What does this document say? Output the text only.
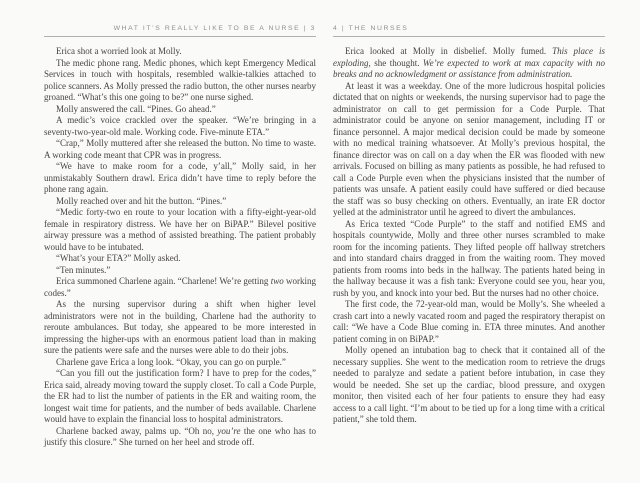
WHAT IT’S REALLY LIKE TO BE A NURSE | 3

Erica shot a worried look at Molly.

The medic phone rang. Medic phones, which kept Emergency Medical Services in touch with hospitals, resembled walkie-talkies attached to police scanners. As Molly pressed the radio button, the other nurses nearby groaned. “What’s this one going to be?” one nurse sighed.

Molly answered the call. “Pines. Go ahead.”

A medic’s voice crackled over the speaker. “We’re bringing in a seventy-two-year-old male. Working code. Five-minute ETA.”

“Crap,” Molly muttered after she released the button. No time to waste. A working code meant that CPR was in progress.

“We have to make room for a code, y’all,” Molly said, in her unmistakably Southern drawl. Erica didn’t have time to reply before the phone rang again.

Molly reached over and hit the button. “Pines.”

“Medic forty-two en route to your location with a fifty-eight-year-old female in respiratory distress. We have her on BiPAP.” Bilevel positive airway pressure was a method of assisted breathing. The patient probably would have to be intubated.

“What’s your ETA?” Molly asked.

“Ten minutes.”

Erica summoned Charlene again. “Charlene! We’re getting two working codes.”

As the nursing supervisor during a shift when higher level administrators were not in the building, Charlene had the authority to reroute ambulances. But today, she appeared to be more interested in impressing the higher-ups with an enormous patient load than in making sure the patients were safe and the nurses were able to do their jobs.

Charlene gave Erica a long look. “Okay, you can go on purple.”

“Can you fill out the justification form? I have to prep for the codes,” Erica said, already moving toward the supply closet. To call a Code Purple, the ER had to list the number of patients in the ER and waiting room, the longest wait time for patients, and the number of beds available. Charlene would have to explain the financial loss to hospital administrators.

Charlene backed away, palms up. “Oh no, you’re the one who has to justify this closure.” She turned on her heel and strode off.

4 | THE NURSES

Erica looked at Molly in disbelief. Molly fumed. This place is exploding, she thought. We’re expected to work at max capacity with no breaks and no acknowledgment or assistance from administration.

At least it was a weekday. One of the more ludicrous hospital policies dictated that on nights or weekends, the nursing supervisor had to page the administrator on call to get permission for a Code Purple. That administrator could be anyone on senior management, including IT or finance personnel. A major medical decision could be made by someone with no medical training whatsoever. At Molly’s previous hospital, the finance director was on call on a day when the ER was flooded with new arrivals. Focused on billing as many patients as possible, he had refused to call a Code Purple even when the physicians insisted that the number of patients was unsafe. A patient easily could have suffered or died because the staff was so busy checking on others. Eventually, an irate ER doctor yelled at the administrator until he agreed to divert the ambulances.

As Erica texted “Code Purple” to the staff and notified EMS and hospitals countywide, Molly and three other nurses scrambled to make room for the incoming patients. They lifted people off hallway stretchers and into standard chairs dragged in from the waiting room. They moved patients from rooms into beds in the hallway. The patients hated being in the hallway because it was a fish tank: Everyone could see you, hear you, rush by you, and knock into your bed. But the nurses had no other choice.

The first code, the 72-year-old man, would be Molly’s. She wheeled a crash cart into a newly vacated room and paged the respiratory therapist on call: “We have a Code Blue coming in. ETA three minutes. And another patient coming in on BiPAP.”

Molly opened an intubation bag to check that it contained all of the necessary supplies. She went to the medication room to retrieve the drugs needed to paralyze and sedate a patient before intubation, in case they would be needed. She set up the cardiac, blood pressure, and oxygen monitor, then visited each of her four patients to ensure they had easy access to a call light. “I’m about to be tied up for a long time with a critical patient,” she told them.
